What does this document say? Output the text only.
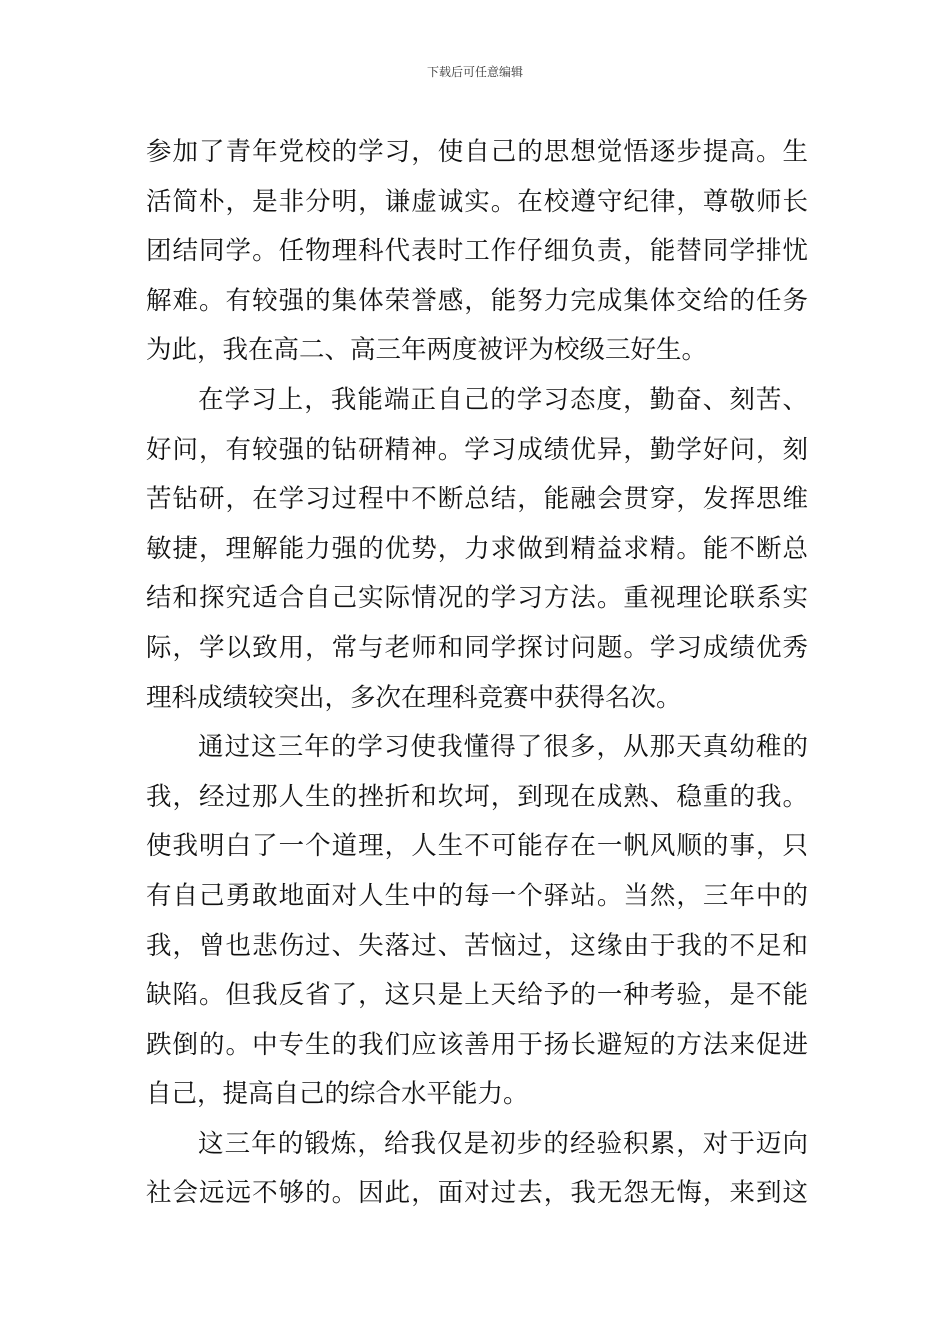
下载后可任意编辑
参加了青年党校的学习，使自己的思想觉悟逐步提高。生
活简朴，是非分明，谦虚诚实。在校遵守纪律，尊敬师长
团结同学。任物理科代表时工作仔细负责，能替同学排忧
解难。有较强的集体荣誉感，能努力完成集体交给的任务
为此，我在高二、高三年两度被评为校级三好生。
在学习上，我能端正自己的学习态度，勤奋、刻苦、
好问，有较强的钻研精神。学习成绩优异，勤学好问，刻
苦钻研，在学习过程中不断总结，能融会贯穿，发挥思维
敏捷，理解能力强的优势，力求做到精益求精。能不断总
结和探究适合自己实际情况的学习方法。重视理论联系实
际，学以致用，常与老师和同学探讨问题。学习成绩优秀
理科成绩较突出，多次在理科竞赛中获得名次。
通过这三年的学习使我懂得了很多，从那天真幼稚的
我，经过那人生的挫折和坎坷，到现在成熟、稳重的我。
使我明白了一个道理，人生不可能存在一帆风顺的事，只
有自己勇敢地面对人生中的每一个驿站。当然，三年中的
我，曾也悲伤过、失落过、苦恼过，这缘由于我的不足和
缺陷。但我反省了，这只是上天给予的一种考验，是不能
跌倒的。中专生的我们应该善用于扬长避短的方法来促进
自己，提高自己的综合水平能力。
这三年的锻炼，给我仅是初步的经验积累，对于迈向
社会远远不够的。因此，面对过去，我无怨无悔，来到这
